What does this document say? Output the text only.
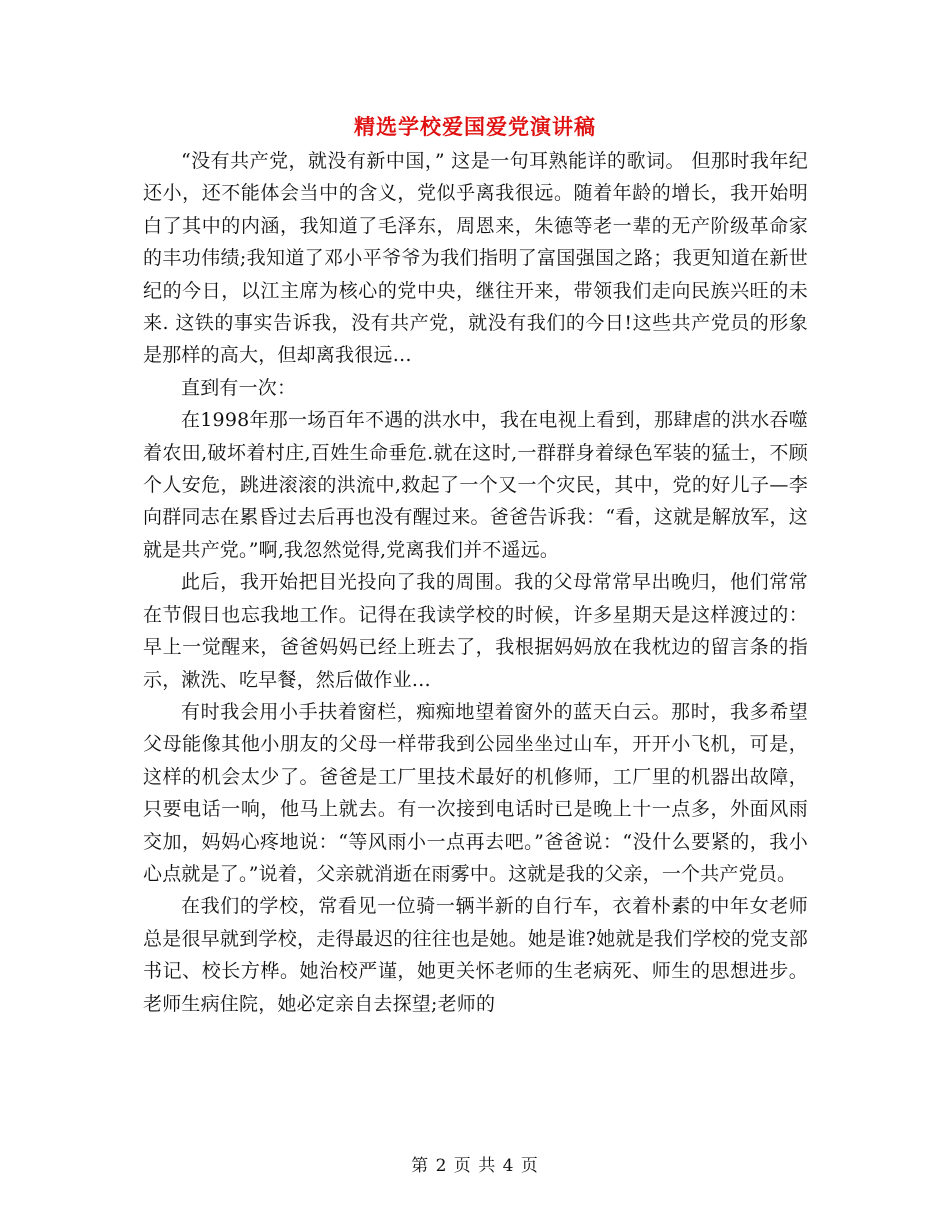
精选学校爱国爱党演讲稿

“没有共产党，就没有新中国，” 这是一句耳熟能详的歌词。 但那时我年纪还小，还不能体会当中的含义，党似乎离我很远。随着年龄的增长，我开始明白了其中的内涵，我知道了毛泽东，周恩来，朱德等老一辈的无产阶级革命家的丰功伟绩;我知道了邓小平爷爷为我们指明了富国强国之路；我更知道在新世纪的今日，以江主席为核心的党中央，继往开来，带领我们走向民族兴旺的未来. 这铁的事实告诉我，没有共产党，就没有我们的今日!这些共产党员的形象是那样的高大，但却离我很远…

直到有一次：

在1998年那一场百年不遇的洪水中，我在电视上看到，那肆虐的洪水吞噬着农田,破坏着村庄,百姓生命垂危.就在这时,一群群身着绿色军装的猛士，不顾个人安危，跳进滚滚的洪流中,救起了一个又一个灾民，其中，党的好儿子—李向群同志在累昏过去后再也没有醒过来。爸爸告诉我：“看，这就是解放军，这就是共产党。”啊,我忽然觉得,党离我们并不遥远。

此后，我开始把目光投向了我的周围。我的父母常常早出晚归，他们常常在节假日也忘我地工作。记得在我读学校的时候，许多星期天是这样渡过的：早上一觉醒来，爸爸妈妈已经上班去了，我根据妈妈放在我枕边的留言条的指示，漱洗、吃早餐，然后做作业…

有时我会用小手扶着窗栏，痴痴地望着窗外的蓝天白云。那时，我多希望父母能像其他小朋友的父母一样带我到公园坐坐过山车，开开小飞机，可是，这样的机会太少了。爸爸是工厂里技术最好的机修师，工厂里的机器出故障，只要电话一响，他马上就去。有一次接到电话时已是晚上十一点多，外面风雨交加，妈妈心疼地说：“等风雨小一点再去吧。”爸爸说：“没什么要紧的，我小心点就是了。”说着，父亲就消逝在雨雾中。这就是我的父亲，一个共产党员。

在我们的学校，常看见一位骑一辆半新的自行车，衣着朴素的中年女老师总是很早就到学校，走得最迟的往往也是她。她是谁?她就是我们学校的党支部书记、校长方桦。她治校严谨，她更关怀老师的生老病死、师生的思想进步。老师生病住院，她必定亲自去探望;老师的

第 2 页 共 4 页
